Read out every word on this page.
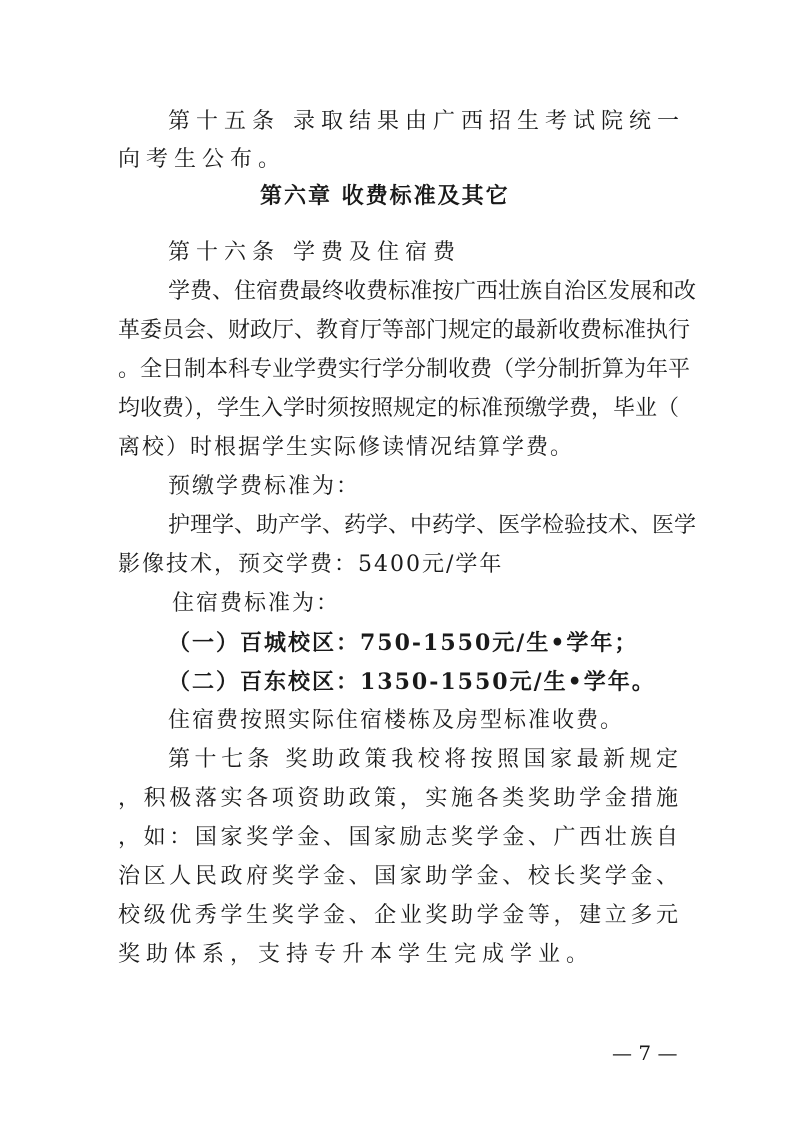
第十五条 录取结果由广西招生考试院统一
向考生公布。
第六章 收费标准及其它
第十六条 学费及住宿费
学费、住宿费最终收费标准按广西壮族自治区发展和改
革委员会、财政厅、教育厅等部门规定的最新收费标准执行
。全日制本科专业学费实行学分制收费（学分制折算为年平
均收费），学生入学时须按照规定的标准预缴学费，毕业（
离校）时根据学生实际修读情况结算学费。
预缴学费标准为：
护理学、助产学、药学、中药学、医学检验技术、医学
影像技术，预交学费：5400元/学年
住宿费标准为：
（一）百城校区：750-1550元/生•学年；
（二）百东校区：1350-1550元/生•学年。
住宿费按照实际住宿楼栋及房型标准收费。
第十七条 奖助政策我校将按照国家最新规定
，积极落实各项资助政策，实施各类奖助学金措施
，如：国家奖学金、国家励志奖学金、广西壮族自
治区人民政府奖学金、国家助学金、校长奖学金、
校级优秀学生奖学金、企业奖助学金等，建立多元
奖助体系，支持专升本学生完成学业。
— 7 —
